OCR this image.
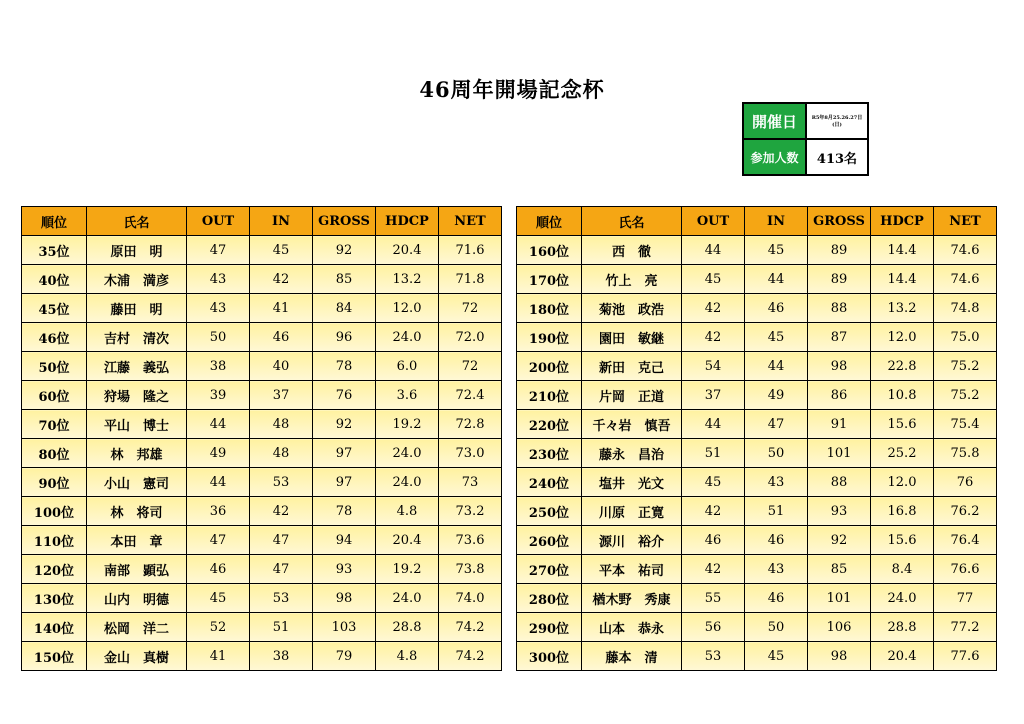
46周年開場記念杯
開催日	R5年8月25.26.27日(日)
参加人数	413名
順位	氏名	OUT	IN	GROSS	HDCP	NET
35位	原田　明	47	45	92	20.4	71.6
40位	木浦　満彦	43	42	85	13.2	71.8
45位	藤田　明	43	41	84	12.0	72
46位	吉村　清次	50	46	96	24.0	72.0
50位	江藤　義弘	38	40	78	6.0	72
60位	狩場　隆之	39	37	76	3.6	72.4
70位	平山　博士	44	48	92	19.2	72.8
80位	林　邦雄	49	48	97	24.0	73.0
90位	小山　憲司	44	53	97	24.0	73
100位	林　将司	36	42	78	4.8	73.2
110位	本田　章	47	47	94	20.4	73.6
120位	南部　顕弘	46	47	93	19.2	73.8
130位	山内　明德	45	53	98	24.0	74.0
140位	松岡　洋二	52	51	103	28.8	74.2
150位	金山　真樹	41	38	79	4.8	74.2
順位	氏名	OUT	IN	GROSS	HDCP	NET
160位	西　徹	44	45	89	14.4	74.6
170位	竹上　亮	45	44	89	14.4	74.6
180位	菊池　政浩	42	46	88	13.2	74.8
190位	園田　敏継	42	45	87	12.0	75.0
200位	新田　克己	54	44	98	22.8	75.2
210位	片岡　正道	37	49	86	10.8	75.2
220位	千々岩　慎吾	44	47	91	15.6	75.4
230位	藤永　昌治	51	50	101	25.2	75.8
240位	塩井　光文	45	43	88	12.0	76
250位	川原　正寛	42	51	93	16.8	76.2
260位	源川　裕介	46	46	92	15.6	76.4
270位	平本　祐司	42	43	85	8.4	76.6
280位	楢木野　秀康	55	46	101	24.0	77
290位	山本　恭永	56	50	106	28.8	77.2
300位	藤本　清	53	45	98	20.4	77.6
